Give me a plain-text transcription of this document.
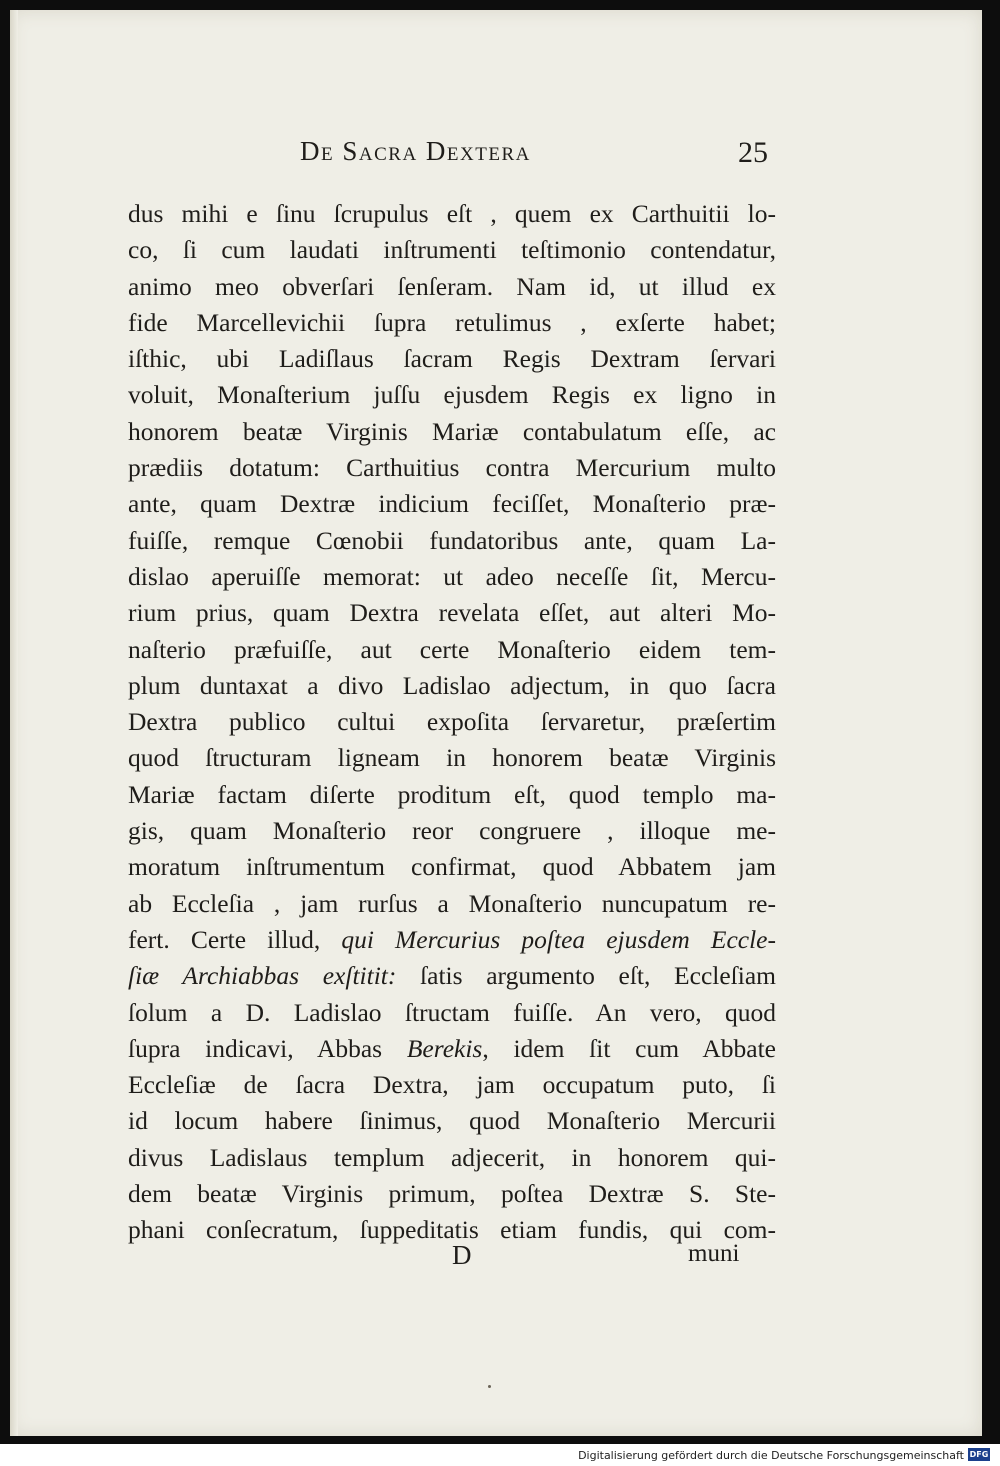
De Sacra Dextera	25
dus mihi e ſinu ſcrupulus eſt , quem ex Carthuitii lo-
co, ſi cum laudati inſtrumenti teſtimonio contendatur,
animo meo obverſari ſenſeram. Nam id, ut illud ex
fide Marcellevichii ſupra retulimus , exſerte habet;
iſthic, ubi Ladiſlaus ſacram Regis Dextram ſervari
voluit, Monaſterium juſſu ejusdem Regis ex ligno in
honorem beatæ Virginis Mariæ contabulatum eſſe, ac
prædiis dotatum: Carthuitius contra Mercurium multo
ante, quam Dextræ indicium feciſſet, Monaſterio præ-
fuiſſe, remque Cœnobii fundatoribus ante, quam La-
dislao aperuiſſe memorat: ut adeo neceſſe ſit, Mercu-
rium prius, quam Dextra revelata eſſet, aut alteri Mo-
naſterio præfuiſſe, aut certe Monaſterio eidem tem-
plum duntaxat a divo Ladislao adjectum, in quo ſacra
Dextra publico cultui expoſita ſervaretur, præſertim
quod ſtructuram ligneam in honorem beatæ Virginis
Mariæ factam diſerte proditum eſt, quod templo ma-
gis, quam Monaſterio reor congruere , illoque me-
moratum inſtrumentum confirmat, quod Abbatem jam
ab Eccleſia , jam rurſus a Monaſterio nuncupatum re-
fert. Certe illud, qui Mercurius poſtea ejusdem Eccle-
ſiæ Archiabbas exſtitit: ſatis argumento eſt, Eccleſiam
ſolum a D. Ladislao ſtructam fuiſſe. An vero, quod
ſupra indicavi, Abbas Berekis, idem ſit cum Abbate
Eccleſiæ de ſacra Dextra, jam occupatum puto, ſi
id locum habere ſinimus, quod Monaſterio Mercurii
divus Ladislaus templum adjecerit, in honorem qui-
dem beatæ Virginis primum, poſtea Dextræ S. Ste-
phani conſecratum, ſuppeditatis etiam fundis, qui com-
D	muni
Digitalisierung gefördert durch die Deutsche Forschungsgemeinschaft DFG
